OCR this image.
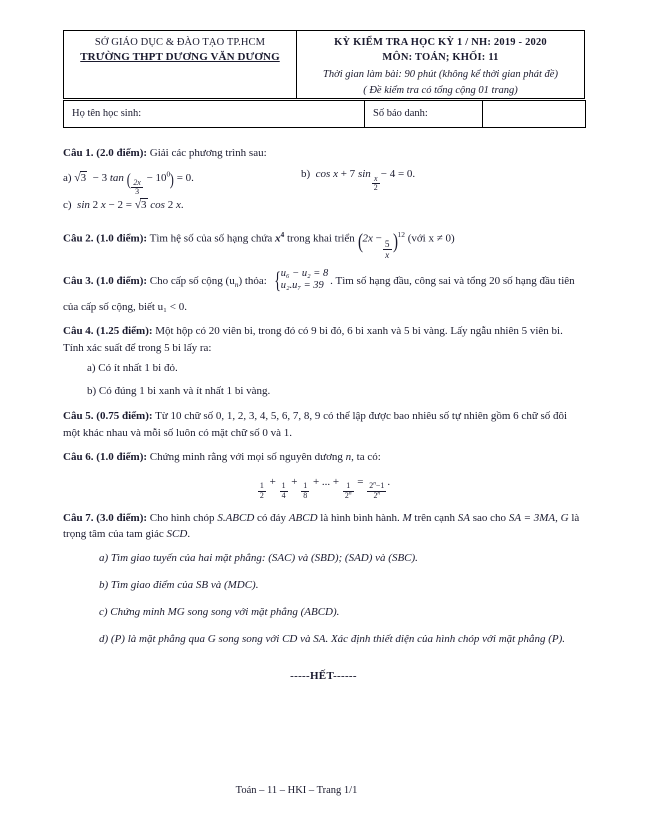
SỞ GIÁO DỤC & ĐÀO TẠO TP.HCM
TRƯỜNG THPT DƯƠNG VĂN DƯƠNG

KỲ KIỂM TRA HỌC KỲ 1 / NH: 2019 - 2020
MÔN: TOÁN; KHỐI: 11
Thời gian làm bài: 90 phút (không kể thời gian phát đề)
( Đề kiểm tra có tổng cộng 01 trang)
Họ tên học sinh:	Số báo danh:

Câu 1. (2.0 điểm): Giải các phương trình sau:

a) √3  − 3 tan ( $\frac{2x}{3}$
− $10^0) = 0$.	b)  cos x + 7 sin
$\frac{x}{2}$
− 4 = 0.

c)  sin 2 x − 2 = √3 cos 2 x.

Câu 2. (1.0 điểm): Tìm hệ số của số hạng chứa $x^4$ trong khai triển $(2x - \frac{5}{x} )^{12}$ (với x ≠ 0)

Câu 3. (1.0 điểm): Cho cấp số cộng $(u_n)$ thỏa: { u₆ − u₂ = 8
u₂.u₇ = 39 . Tìm số hạng đầu, công sai và tổng 20 số hạng đầu tiên của cấp số cộng, biết u₁ < 0.

Câu 4. (1.25 điểm): Một hộp có 20 viên bi, trong đó có 9 bi đỏ, 6 bi xanh và 5 bi vàng. Lấy ngẫu nhiên 5 viên bi. Tính xác suất để trong 5 bi lấy ra:

a) Có ít nhất 1 bi đỏ.

b) Có đúng 1 bi xanh và ít nhất 1 bi vàng.

Câu 5. (0.75 điểm): Từ 10 chữ số 0, 1, 2, 3, 4, 5, 6, 7, 8, 9 có thể lập được bao nhiêu số tự nhiên gồm 6 chữ số đôi một khác nhau và mỗi số luôn có mặt chữ số 0 và 1.

Câu 6. (1.0 điểm): Chứng minh rằng với mọi số nguyên dương n, ta có:

$\frac{1}{2}$
+
$\frac{1}{4}$
+
$\frac{1}{8}$
+ ... +
$\frac{1}{2^n}$
=
$\frac{2^n-1}{2^n}$
.

Câu 7. (3.0 điểm): Cho hình chóp S.ABCD có đáy ABCD là hình bình hành. M trên cạnh SA sao cho SA = 3MA, G là trọng tâm của tam giác SCD.

a) Tìm giao tuyến của hai mặt phẳng: (SAC) và (SBD); (SAD) và (SBC).

b) Tìm giao điểm của SB và (MDC).

c) Chứng minh MG song song với mặt phẳng (ABCD).

d) (P) là mặt phẳng qua G song song với CD và SA. Xác định thiết diện của hình chóp với mặt phẳng (P).

-----HẾT------

Toán – 11 – HKI – Trang 1/1
